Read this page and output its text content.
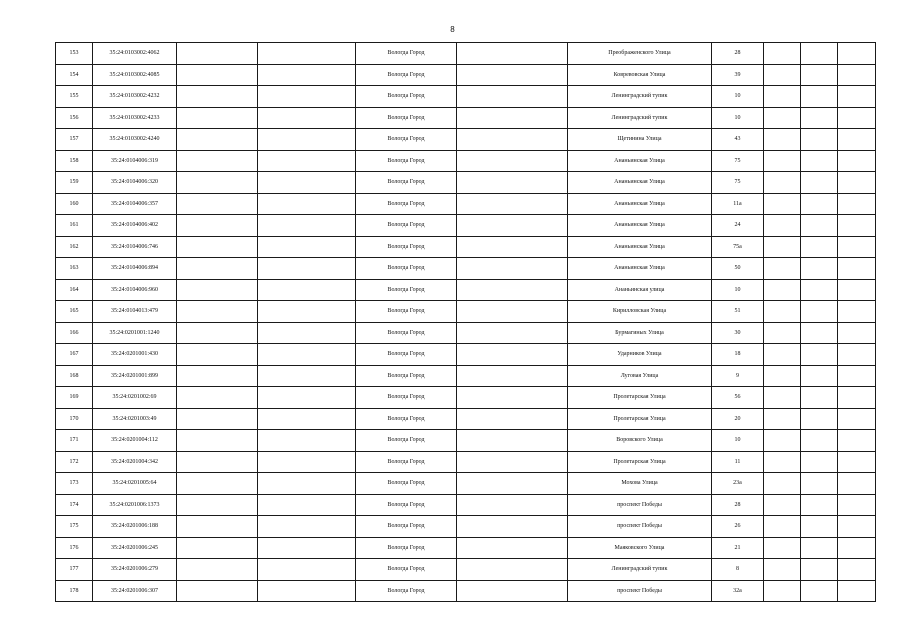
8
153	35:24:0103002:4062			Вологда Город		Преображенского Улица	28			
154	35:24:0103002:4085			Вологда Город		Ковревовская Улица	39			
155	35:24:0103002:4232			Вологда Город		Ленинградский тупик	10			
156	35:24:0103002:4233			Вологда Город		Ленинградский тупик	10			
157	35:24:0103002:4240			Вологда Город		Щетинина Улица	43			
158	35:24:0104006:319			Вологда Город		Ананьинская Улица	75			
159	35:24:0104006:320			Вологда Город		Ананьинская Улица	75			
160	35:24:0104006:357			Вологда Город		Ананьинская Улица	11а			
161	35:24:0104006:402			Вологда Город		Ананьинская Улица	24			
162	35:24:0104006:746			Вологда Город		Ананьинская Улица	75а			
163	35:24:0104006:894			Вологда Город		Ананьинская Улица	50			
164	35:24:0104006:960			Вологда Город		Ананьинская улица	10			
165	35:24:0104013:479			Вологда Город		Кирилловская Улица	51			
166	35:24:0201001:1240			Вологда Город		Бурмагиных Улица	30			
167	35:24:0201001:430			Вологда Город		Ударников Улица	18			
168	35:24:0201001:899			Вологда Город		Луговая Улица	9			
169	35:24:0201002:69			Вологда Город		Пролетарская Улица	56			
170	35:24:0201003:49			Вологда Город		Пролетарская Улица	20			
171	35:24:0201004:112			Вологда Город		Воровского Улица	10			
172	35:24:0201004:342			Вологда Город		Пролетарская Улица	11			
173	35:24:0201005:64			Вологда Город		Мохова Улица	23а			
174	35:24:0201006:1373			Вологда Город		проспект Победы	28			
175	35:24:0201006:188			Вологда Город		проспект Победы	26			
176	35:24:0201006:245			Вологда Город		Маяковского Улица	21			
177	35:24:0201006:279			Вологда Город		Ленинградский тупик	8			
178	35:24:0201006:307			Вологда Город		проспект Победы	32а			
